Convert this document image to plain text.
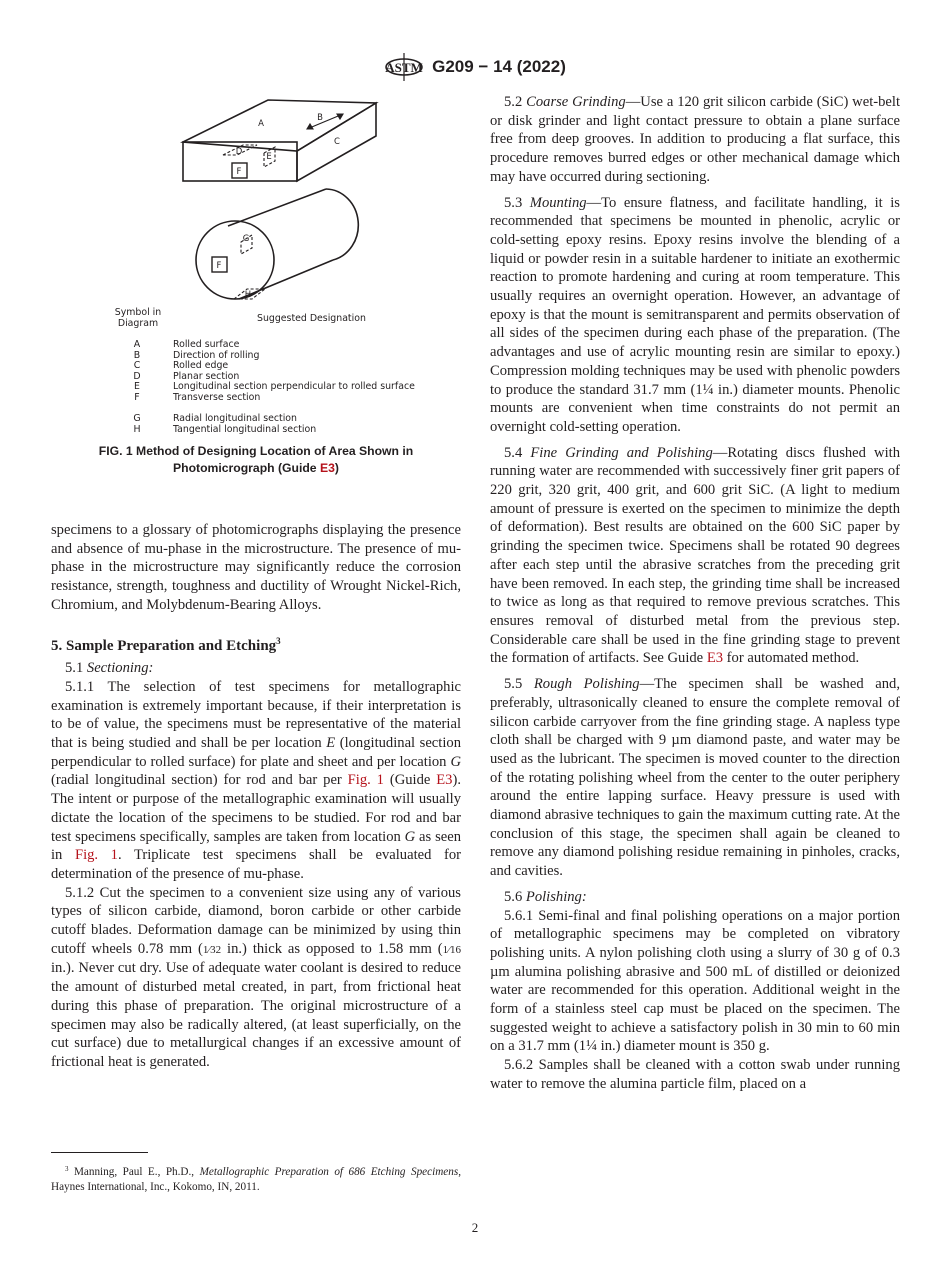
ASTM G209 − 14 (2022)
A
B
C
D	E
F
G
F
H
Symbol in
Diagram	Suggested Designation
A	Rolled surface
B	Direction of rolling
C	Rolled edge
D	Planar section
E	Longitudinal section perpendicular to rolled surface
F	Transverse section
G	Radial longitudinal section
H	Tangential longitudinal section
FIG. 1 Method of Designing Location of Area Shown in Photomicrograph (Guide E3)

specimens to a glossary of photomicrographs displaying the presence and absence of mu-phase in the microstructure. The presence of mu-phase in the microstructure may significantly reduce the corrosion resistance, strength, toughness and ductility of Wrought Nickel-Rich, Chromium, and Molybdenum-Bearing Alloys.

5. Sample Preparation and Etching$^3$

5.1 Sectioning:

5.1.1 The selection of test specimens for metallographic examination is extremely important because, if their interpretation is to be of value, the specimens must be representative of the material that is being studied and shall be per location E (longitudinal section perpendicular to rolled surface) for plate and sheet and per location G (radial longitudinal section) for rod and bar per Fig. 1 (Guide E3). The intent or purpose of the metallographic examination will usually dictate the location of the specimens to be studied. For rod and bar test specimens specifically, samples are taken from location G as seen in Fig. 1. Triplicate test specimens shall be evaluated for determination of the presence of mu-phase.

5.1.2 Cut the specimen to a convenient size using any of various types of silicon carbide, diamond, boron carbide or other carbide cutoff blades. Deformation damage can be minimized by using thin cutoff wheels 0.78 mm (1⁄32 in.) thick as opposed to 1.58 mm (1⁄16 in.). Never cut dry. Use of adequate water coolant is desired to reduce the amount of disturbed metal created, in part, from frictional heat during this phase of preparation. The original microstructure of a specimen may also be radically altered, (at least superficially, on the cut surface) due to metallurgical changes if an excessive amount of frictional heat is generated.

$^3$ Manning, Paul E., Ph.D., Metallographic Preparation of 686 Etching Specimens, Haynes International, Inc., Kokomo, IN, 2011.

5.2 Coarse Grinding—Use a 120 grit silicon carbide (SiC) wet-belt or disk grinder and light contact pressure to obtain a plane surface free from deep grooves. In addition to producing a flat surface, this procedure removes burred edges or other mechanical damage which may have occurred during sectioning.

5.3 Mounting—To ensure flatness, and facilitate handling, it is recommended that specimens be mounted in phenolic, acrylic or cold-setting epoxy resins. Epoxy resins involve the blending of a liquid or powder resin in a suitable hardener to initiate an exothermic reaction to promote hardening and curing at room temperature. This usually requires an overnight operation. However, an advantage of epoxy is that the mount is semitransparent and permits observation of all sides of the specimen during each phase of the preparation. (The advantages and use of acrylic mounting resin are similar to epoxy.) Compression molding techniques may be used with phenolic powders to produce the standard 31.7 mm (1¼ in.) diameter mounts. Phenolic mounts are convenient when time constraints do not permit an overnight cold-setting operation.

5.4 Fine Grinding and Polishing—Rotating discs flushed with running water are recommended with successively finer grit papers of 220 grit, 320 grit, 400 grit, and 600 grit SiC. (A light to medium amount of pressure is exerted on the specimen to minimize the depth of deformation). Best results are obtained on the 600 SiC paper by grinding the specimen twice. Specimens shall be rotated 90 degrees after each step until the abrasive scratches from the preceding grit have been removed. In each step, the grinding time shall be increased to twice as long as that required to remove previous scratches. This ensures removal of disturbed metal from the previous step. Considerable care shall be used in the fine grinding stage to prevent the formation of artifacts. See Guide E3 for automated method.

5.5 Rough Polishing—The specimen shall be washed and, preferably, ultrasonically cleaned to ensure the complete removal of silicon carbide carryover from the fine grinding stage. A napless type cloth shall be charged with 9 µm diamond paste, and water may be used as the lubricant. The specimen is moved counter to the direction of the rotating polishing wheel from the center to the outer periphery around the entire lapping surface. Heavy pressure is used with diamond abrasive techniques to gain the maximum cutting rate. At the conclusion of this stage, the specimen shall again be cleaned to remove any diamond polishing residue remaining in pinholes, cracks, and cavities.

5.6 Polishing:

5.6.1 Semi-final and final polishing operations on a major portion of metallographic specimens may be completed on vibratory polishing units. A nylon polishing cloth using a slurry of 30 g of 0.3 µm alumina polishing abrasive and 500 mL of distilled or deionized water are recommended for this operation. Additional weight in the form of a stainless steel cap must be placed on the specimen. The suggested weight to achieve a satisfactory polish in 30 min to 60 min on a 31.7 mm (1¼ in.) diameter mount is 350 g.

5.6.2 Samples shall be cleaned with a cotton swab under running water to remove the alumina particle film, placed on a

2
